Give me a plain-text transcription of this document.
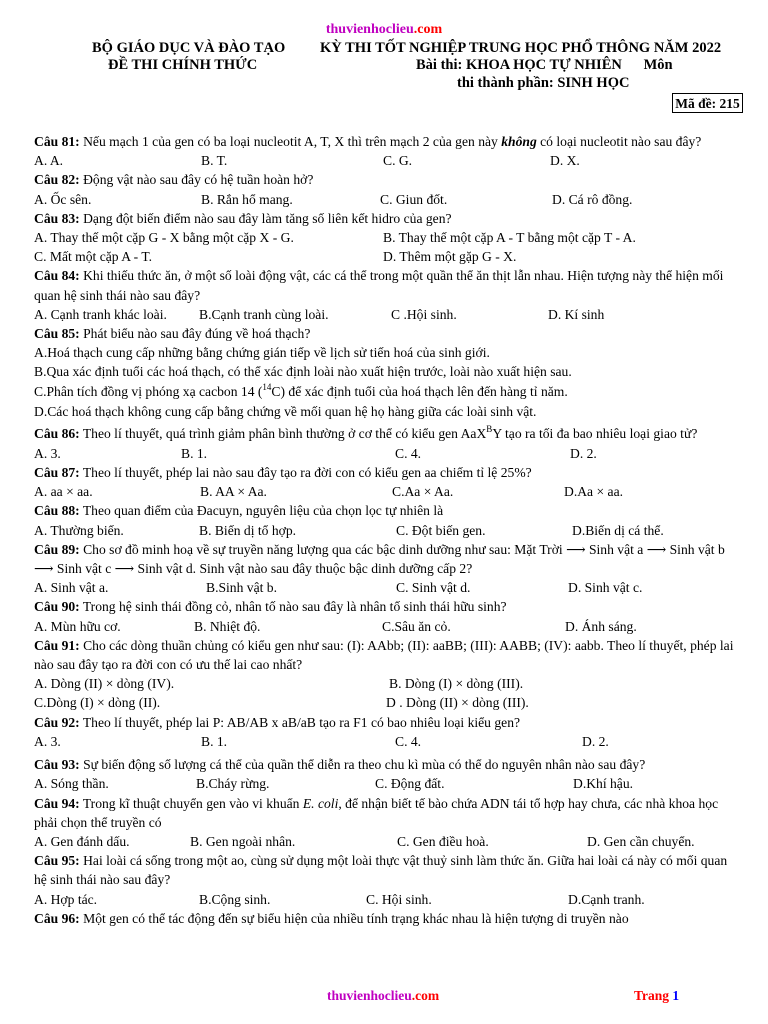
thuvienhoclieu.com
BỘ GIÁO DỤC VÀ ĐÀO TẠO
ĐỀ THI CHÍNH THỨC
KỲ THI TỐT NGHIỆP TRUNG HỌC PHỔ THÔNG NĂM 2022
Bài thi: KHOA HỌC TỰ NHIÊN      Môn
thi thành phần: SINH HỌC
Mã đề: 215

Câu 81: Nếu mạch 1 của gen có ba loại nucleotit A, T, X thì trên mạch 2 của gen này không có loại nucleotit nào sau đây?

A. A.	B. T.	C. G.	D. X.

Câu 82: Động vật nào sau đây có hệ tuần hoàn hở?

A. Ốc sên.	B. Rắn hổ mang.	C. Giun đốt.	D. Cá rô đồng.

Câu 83: Dạng đột biến điểm nào sau đây làm tăng số liên kết hidro của gen?

A. Thay thế một cặp G - X bằng một cặp X - G.	B. Thay thế một cặp A - T bằng một cặp T - A.
C. Mất một cặp A - T.	D. Thêm một gặp G - X.

Câu 84: Khi thiếu thức ăn, ở một số loài động vật, các cá thể trong một quần thể ăn thịt lẫn nhau. Hiện tượng này thể hiện mối quan hệ sinh thái nào sau đây?

A. Cạnh tranh khác loài.	B.Cạnh tranh cùng loài.	C .Hội sinh.	D. Kí sinh

Câu 85: Phát biểu nào sau đây đúng về hoá thạch?

A.Hoá thạch cung cấp những bằng chứng gián tiếp về lịch sử tiến hoá của sinh giới.

B.Qua xác định tuổi các hoá thạch, có thể xác định loài nào xuất hiện trước, loài nào xuất hiện sau.

C.Phân tích đồng vị phóng xạ cacbon 14 ($^{14}$C) để xác định tuổi của hoá thạch lên đến hàng tỉ năm.

D.Các hoá thạch không cung cấp bằng chứng về mối quan hệ họ hàng giữa các loài sinh vật.

Câu 86: Theo lí thuyết, quá trình giảm phân bình thường ở cơ thể có kiểu gen AaX$^B$Y tạo ra tối đa bao nhiêu loại giao tử?

A. 3.	B. 1.	C. 4.	D. 2.

Câu 87: Theo lí thuyết, phép lai nào sau đây tạo ra đời con có kiểu gen aa chiếm tỉ lệ 25%?

A. aa × aa.	B. AA × Aa.	C.Aa × Aa.	D.Aa × aa.

Câu 88: Theo quan điểm của Đacuyn, nguyên liệu của chọn lọc tự nhiên là

A. Thường biến.	B. Biến dị tổ hợp.	C. Đột biến gen.	D.Biến dị cá thể.

Câu 89: Cho sơ đồ minh hoạ về sự truyền năng lượng qua các bậc dinh dưỡng như sau: Mặt Trời ⟶ Sinh vật a ⟶ Sinh vật b ⟶ Sinh vật c ⟶ Sinh vật d. Sinh vật nào sau đây thuộc bậc dinh dưỡng cấp 2?

A. Sinh vật a.	B.Sinh vật b.	C. Sinh vật d.	D. Sinh vật c.

Câu 90: Trong hệ sinh thái đồng cỏ, nhân tố nào sau đây là nhân tố sinh thái hữu sinh?

A. Mùn hữu cơ.	B. Nhiệt độ.	C.Sâu ăn cỏ.	D. Ánh sáng.

Câu 91: Cho các dòng thuần chủng có kiểu gen như sau: (I): AAbb; (II): aaBB; (III): AABB; (IV): aabb. Theo lí thuyết, phép lai nào sau đây tạo ra đời con có ưu thế lai cao nhất?

A. Dòng (II) × dòng (IV).	B. Dòng (I) × dòng (III).
C.Dòng (I) × dòng (II).	D . Dòng (II) × dòng (III).

Câu 92: Theo lí thuyết, phép lai P: AB/AB x aB/aB tạo ra F1 có bao nhiêu loại kiểu gen?

A. 3.	B. 1.	C. 4.	D. 2.

Câu 93: Sự biến động số lượng cá thể của quần thể diễn ra theo chu kì mùa có thể do nguyên nhân nào sau đây?

A. Sóng thần.	B.Cháy rừng.	C. Động đất.	D.Khí hậu.

Câu 94: Trong kĩ thuật chuyển gen vào vi khuẩn E. coli, để nhận biết tế bào chứa ADN tái tổ hợp hay chưa, các nhà khoa học phải chọn thể truyền có

A. Gen đánh dấu.	B. Gen ngoài nhân.	C. Gen điều hoà.	D. Gen cần chuyển.

Câu 95: Hai loài cá sống trong một ao, cùng sử dụng một loài thực vật thuỷ sinh làm thức ăn. Giữa hai loài cá này có mối quan hệ sinh thái nào sau đây?

A. Hợp tác.	B.Cộng sinh.	C. Hội sinh.	D.Cạnh tranh.

Câu 96: Một gen có thể tác động đến sự biểu hiện của nhiều tính trạng khác nhau là hiện tượng di truyền nào

thuvienhoclieu.com	Trang 1
